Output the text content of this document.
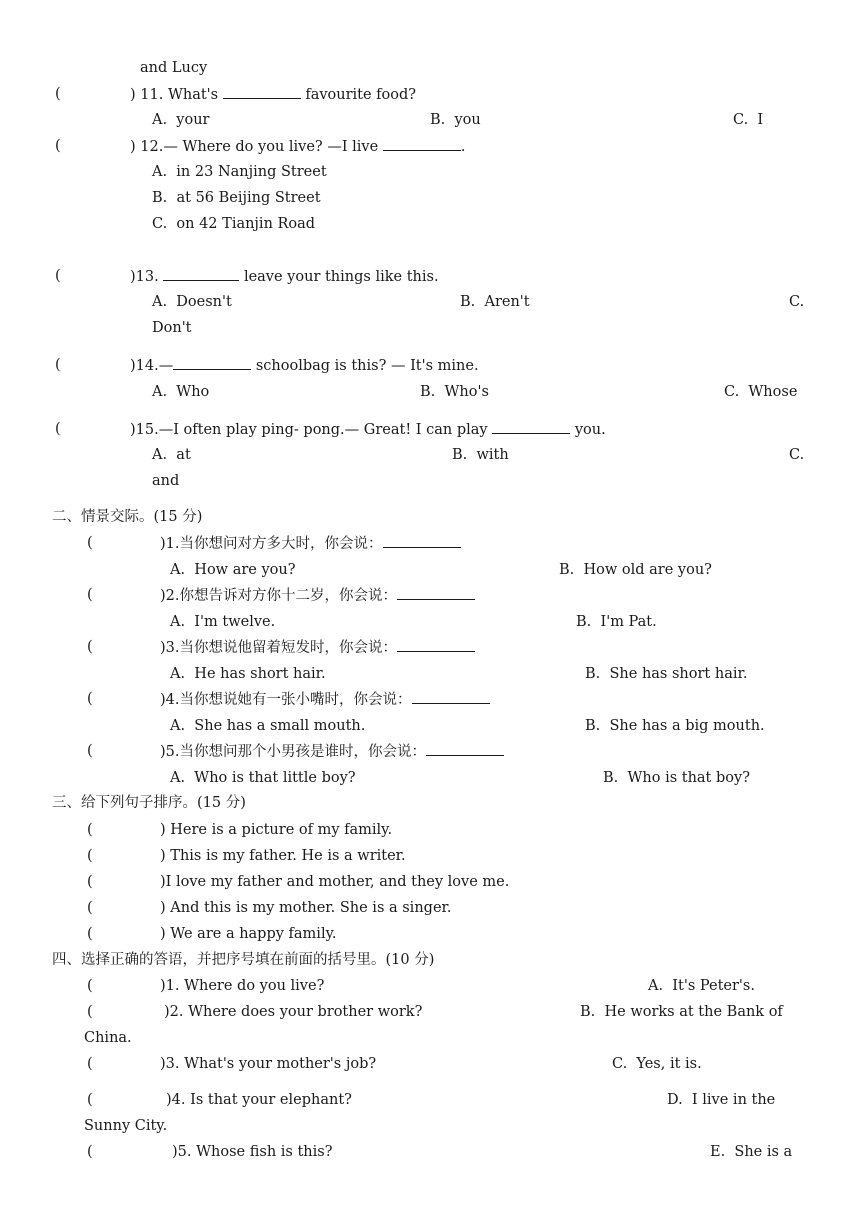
and Lucy
(	) 11. What's	favourite food?
A.  your	B.  you	C.  I
(	) 12.— Where do you live? —I live	.
A.  in 23 Nanjing Street
B.  at 56 Beijing Street
C.  on 42 Tianjin Road
(	)13.	leave your things like this.
A.  Doesn't	B.  Aren't	C.
Don't
(	)14.—	schoolbag is this? — It's mine.
A.  Who	B.  Who's	C.  Whose
(	)15.—I often play ping- pong.— Great! I can play	you.
A.  at	B.  with	C.
and
二、情景交际。(15 分)
(	)1.当你想问对方多大时，你会说：
A.  How are you?	B.  How old are you?
(	)2.你想告诉对方你十二岁，你会说：
A.  I'm twelve.	B.  I'm Pat.
(	)3.当你想说他留着短发时，你会说：
A.  He has short hair.	B.  She has short hair.
(	)4.当你想说她有一张小嘴时，你会说：
A.  She has a small mouth.	B.  She has a big mouth.
(	)5.当你想问那个小男孩是谁时，你会说：
A.  Who is that little boy?	B.  Who is that boy?
三、给下列句子排序。(15 分)
(	) Here is a picture of my family.
(	) This is my father. He is a writer.
(	)I love my father and mother, and they love me.
(	) And this is my mother. She is a singer.
(	) We are a happy family.
四、选择正确的答语，并把序号填在前面的括号里。(10 分)
(	)1. Where do you live?	A.  It's Peter's.
(	)2. Where does your brother work?	B.  He works at the Bank of
China.
(	)3. What's your mother's job?	C.  Yes, it is.
(	)4. Is that your elephant?	D.  I live in the
Sunny City.
(	)5. Whose fish is this?	E.  She is a
